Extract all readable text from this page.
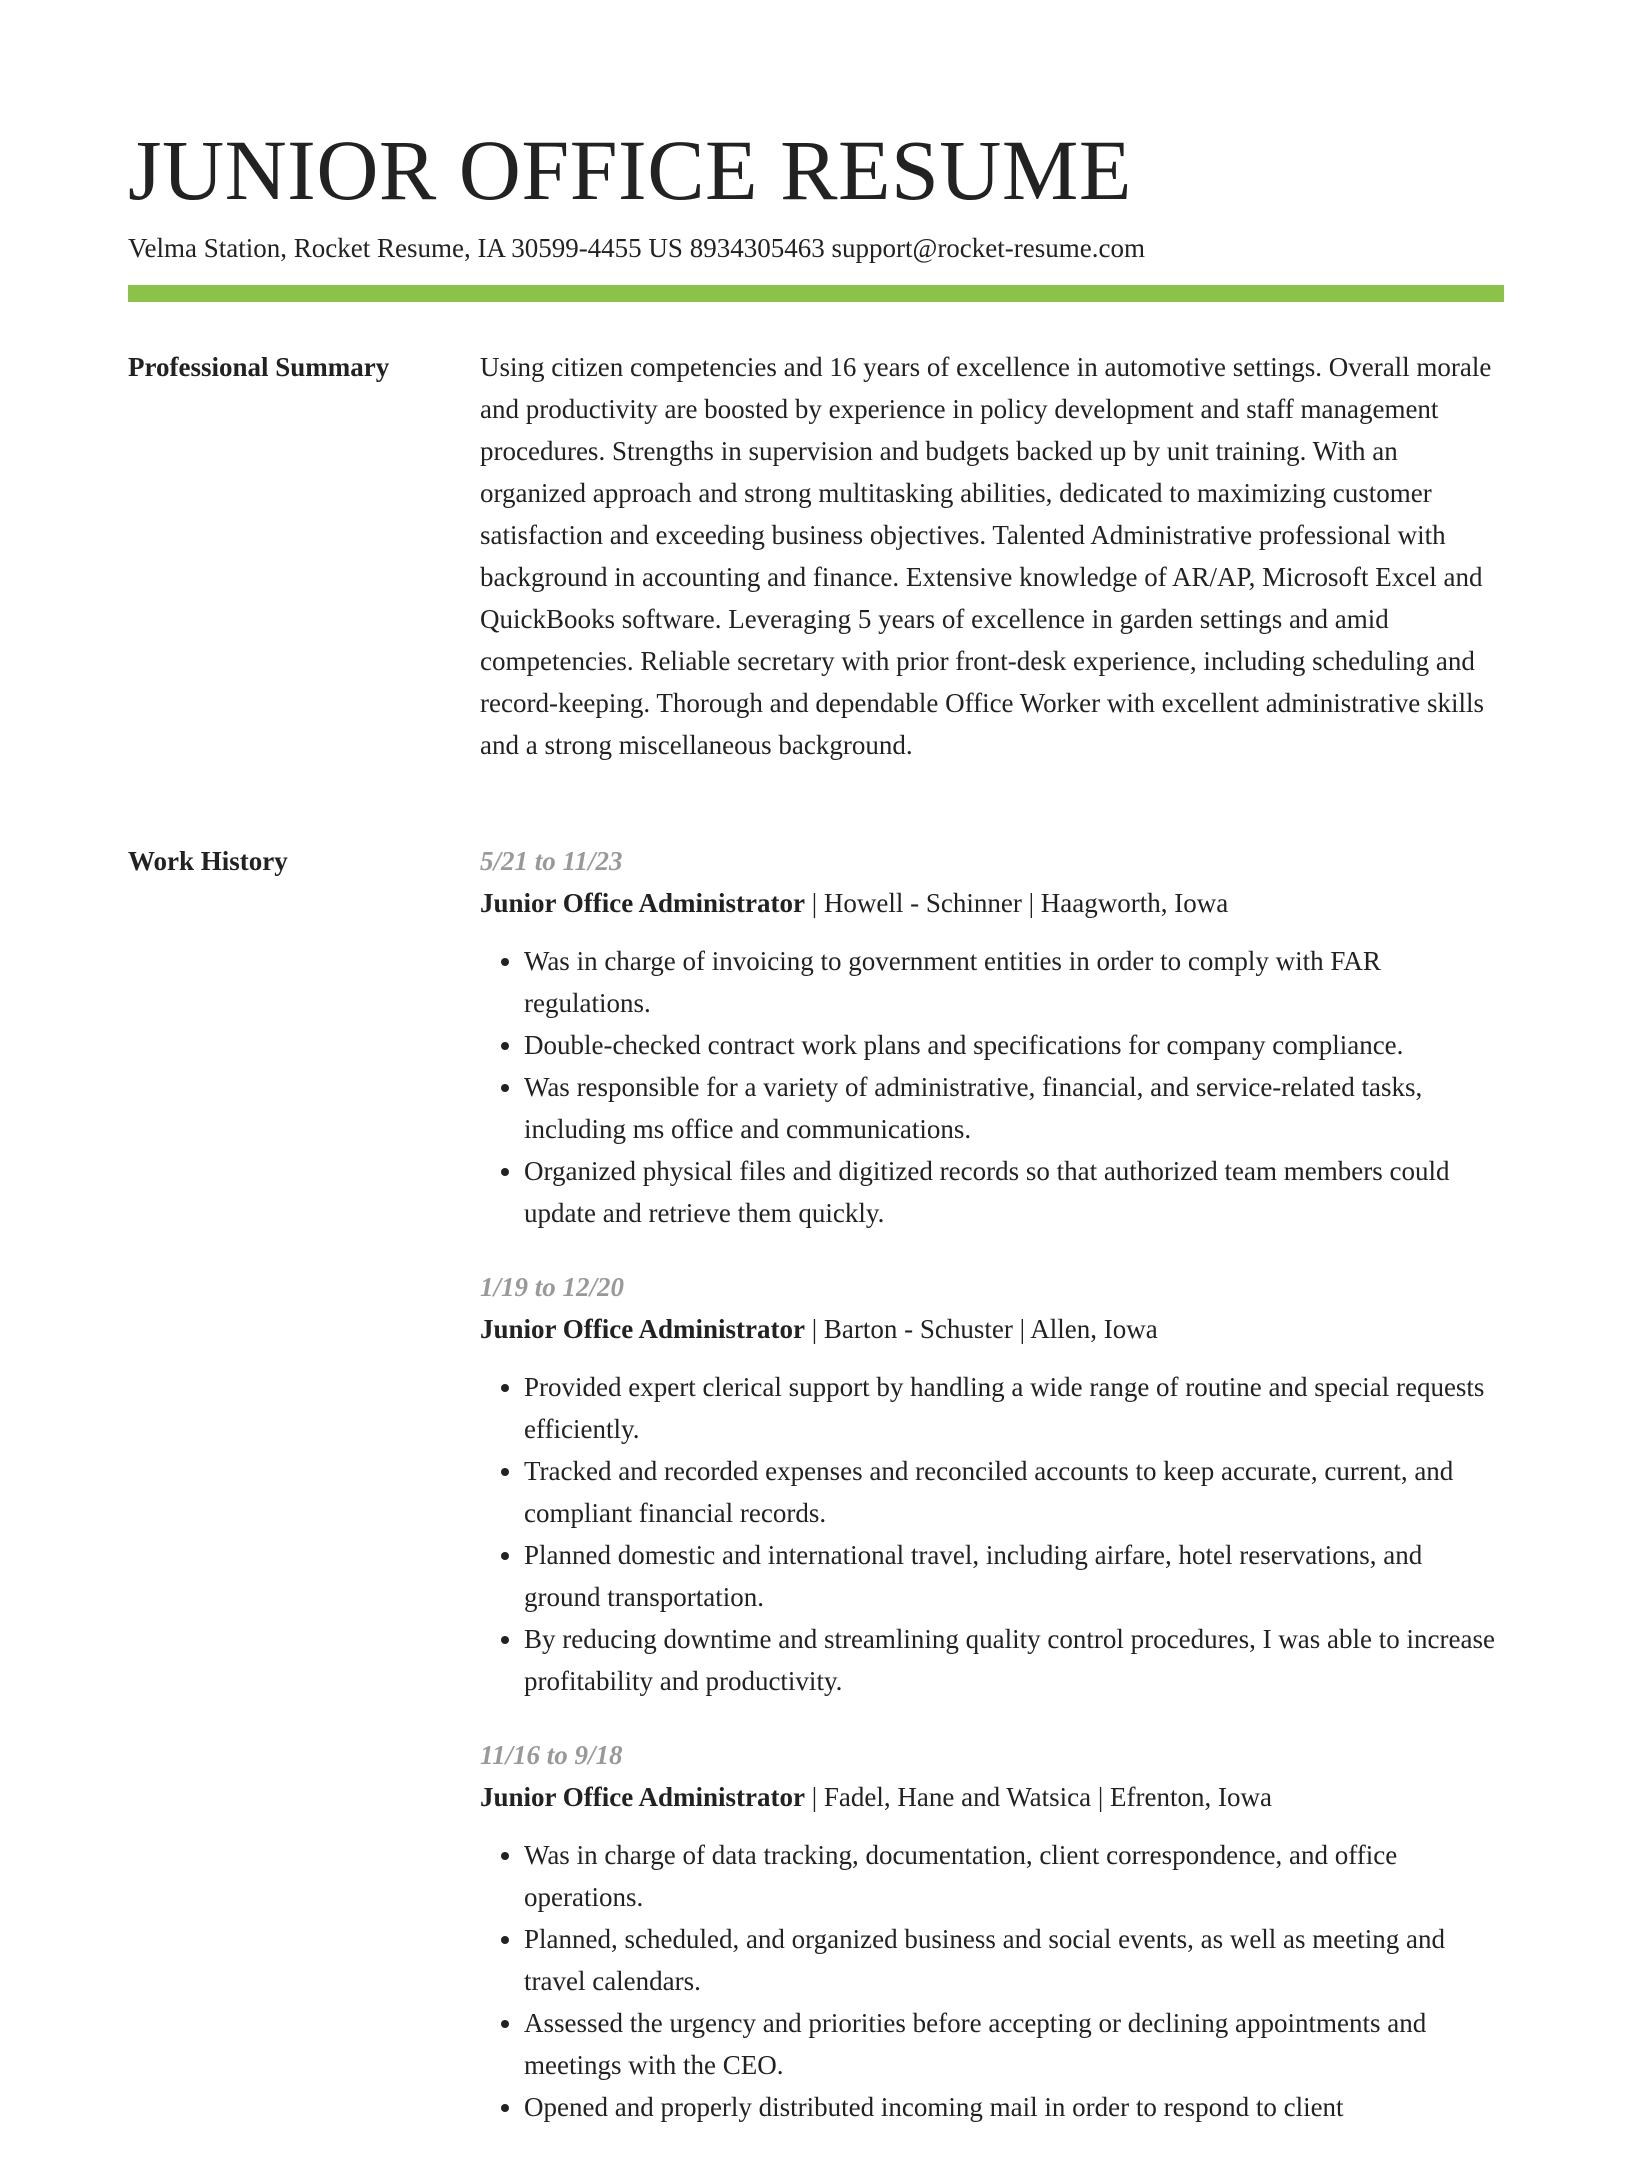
JUNIOR OFFICE RESUME
Velma Station, Rocket Resume, IA 30599-4455 US 8934305463 support@rocket-resume.com
Professional Summary	Using citizen competencies and 16 years of excellence in automotive settings. Overall morale and productivity are boosted by experience in policy development and staff management procedures. Strengths in supervision and budgets backed up by unit training. With an organized approach and strong multitasking abilities, dedicated to maximizing customer satisfaction and exceeding business objectives. Talented Administrative professional with background in accounting and finance. Extensive knowledge of AR/AP, Microsoft Excel and QuickBooks software. Leveraging 5 years of excellence in garden settings and amid competencies. Reliable secretary with prior front-desk experience, including scheduling and record-keeping. Thorough and dependable Office Worker with excellent administrative skills and a strong miscellaneous background.

Work History	5/21 to 11/23
Junior Office Administrator | Howell - Schinner | Haagworth, Iowa
• Was in charge of invoicing to government entities in order to comply with FAR regulations.
• Double-checked contract work plans and specifications for company compliance.
• Was responsible for a variety of administrative, financial, and service-related tasks, including ms office and communications.
• Organized physical files and digitized records so that authorized team members could update and retrieve them quickly.
1/19 to 12/20
Junior Office Administrator | Barton - Schuster | Allen, Iowa
• Provided expert clerical support by handling a wide range of routine and special requests efficiently.
• Tracked and recorded expenses and reconciled accounts to keep accurate, current, and compliant financial records.
• Planned domestic and international travel, including airfare, hotel reservations, and ground transportation.
• By reducing downtime and streamlining quality control procedures, I was able to increase profitability and productivity.
11/16 to 9/18
Junior Office Administrator | Fadel, Hane and Watsica | Efrenton, Iowa
• Was in charge of data tracking, documentation, client correspondence, and office operations.
• Planned, scheduled, and organized business and social events, as well as meeting and travel calendars.
• Assessed the urgency and priorities before accepting or declining appointments and meetings with the CEO.
• Opened and properly distributed incoming mail in order to respond to client
